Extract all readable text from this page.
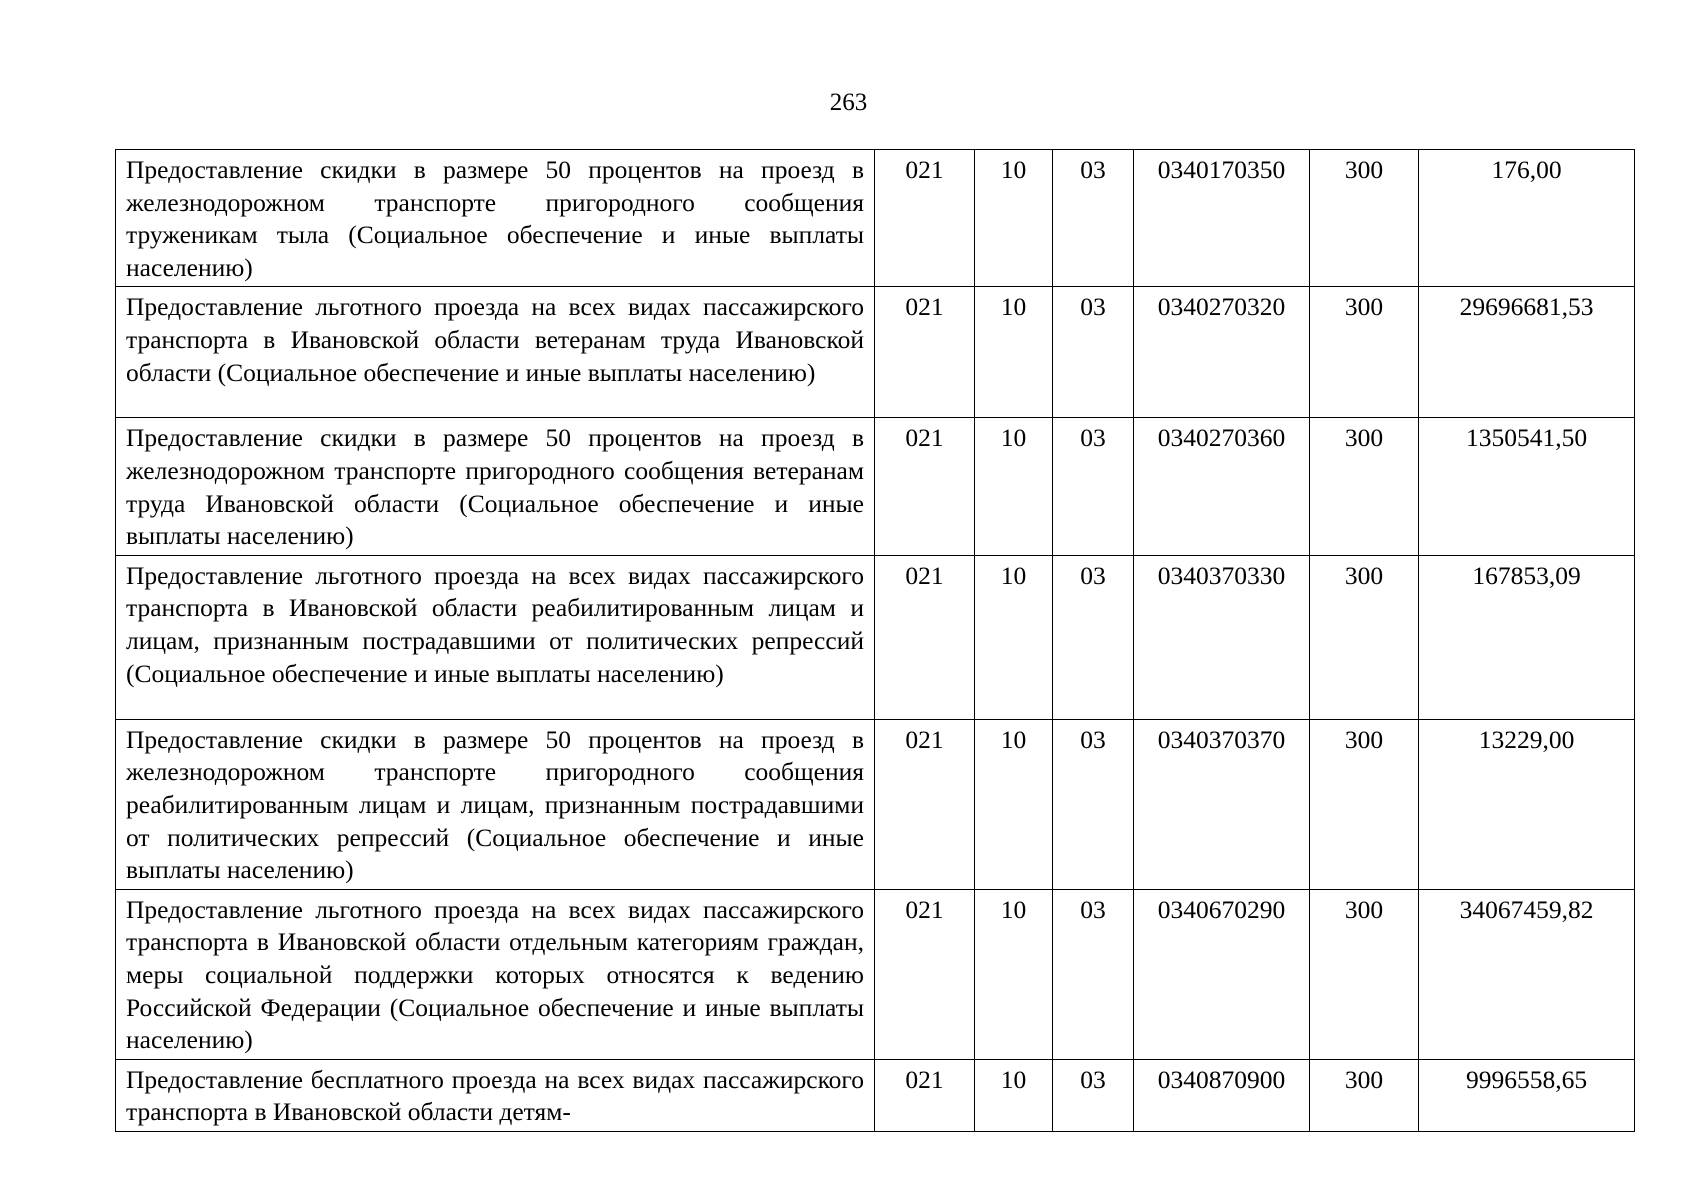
263
Предоставление скидки в размере 50 процентов на проезд в железнодорожном транспорте пригородного сообщения труженикам тыла (Социальное обеспечение и иные выплаты населению)	021	10	03	0340170350	300	176,00
Предоставление льготного проезда на всех видах пассажирского транспорта в Ивановской области ветеранам труда Ивановской области (Социальное обеспечение и иные выплаты населению)	021	10	03	0340270320	300	29696681,53
Предоставление скидки в размере 50 процентов на проезд в железнодорожном транспорте пригородного сообщения ветеранам труда Ивановской области (Социальное обеспечение и иные выплаты населению)	021	10	03	0340270360	300	1350541,50
Предоставление льготного проезда на всех видах пассажирского транспорта в Ивановской области реабилитированным лицам и лицам, признанным пострадавшими от политических репрессий (Социальное обеспечение и иные выплаты населению)	021	10	03	0340370330	300	167853,09
Предоставление скидки в размере 50 процентов на проезд в железнодорожном транспорте пригородного сообщения реабилитированным лицам и лицам, признанным пострадавшими от политических репрессий (Социальное обеспечение и иные выплаты населению)	021	10	03	0340370370	300	13229,00
Предоставление льготного проезда на всех видах пассажирского транспорта в Ивановской области отдельным категориям граждан, меры социальной поддержки которых относятся к ведению Российской Федерации (Социальное обеспечение и иные выплаты населению)	021	10	03	0340670290	300	34067459,82
Предоставление бесплатного проезда на всех видах пассажирского транспорта в Ивановской области детям-	021	10	03	0340870900	300	9996558,65
